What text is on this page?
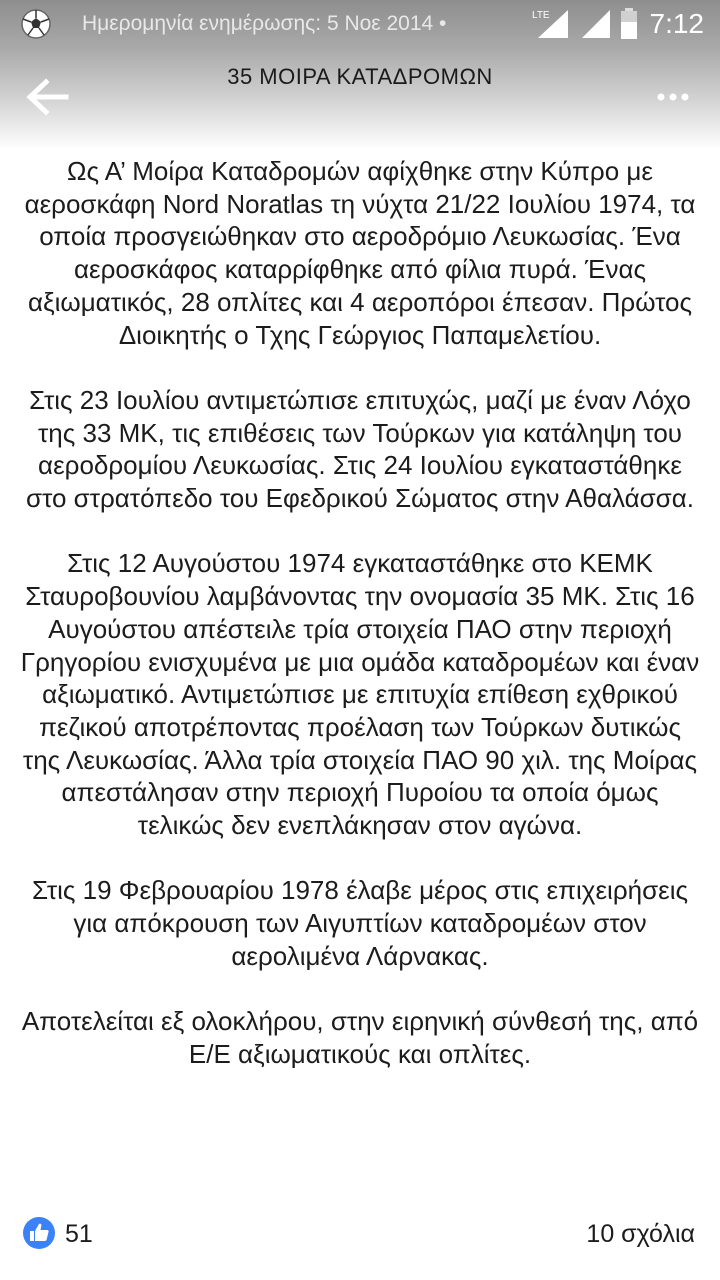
Ημερομηνία ενημέρωσης: 5 Νοε 2014 •	LTE	7:12
35 ΜΟΙΡΑ ΚΑΤΑΔΡΟΜΩΝ

Ως Α’ Μοίρα Καταδρομών αφίχθηκε στην Κύπρο με αεροσκάφη Nord Noratlas τη νύχτα 21/22 Ιουλίου 1974, τα οποία προσγειώθηκαν στο αεροδρόμιο Λευκωσίας. Ένα αεροσκάφος καταρρίφθηκε από φίλια πυρά. Ένας αξιωματικός, 28 οπλίτες και 4 αεροπόροι έπεσαν. Πρώτος Διοικητής ο Τχης Γεώργιος Παπαμελετίου.

Στις 23 Ιουλίου αντιμετώπισε επιτυχώς, μαζί με έναν Λόχο της 33 ΜΚ, τις επιθέσεις των Τούρκων για κατάληψη του αεροδρομίου Λευκωσίας. Στις 24 Ιουλίου εγκαταστάθηκε στο στρατόπεδο του Εφεδρικού Σώματος στην Αθαλάσσα.

Στις 12 Αυγούστου 1974 εγκαταστάθηκε στο ΚΕΜΚ Σταυροβουνίου λαμβάνοντας την ονομασία 35 ΜΚ. Στις 16 Αυγούστου απέστειλε τρία στοιχεία ΠΑΟ στην περιοχή Γρηγορίου ενισχυμένα με μια ομάδα καταδρομέων και έναν αξιωματικό. Αντιμετώπισε με επιτυχία επίθεση εχθρικού πεζικού αποτρέποντας προέλαση των Τούρκων δυτικώς της Λευκωσίας. Άλλα τρία στοιχεία ΠΑΟ 90 χιλ. της Μοίρας απεστάλησαν στην περιοχή Πυροίου τα οποία όμως τελικώς δεν ενεπλάκησαν στον αγώνα.

Στις 19 Φεβρουαρίου 1978 έλαβε μέρος στις επιχειρήσεις για απόκρουση των Αιγυπτίων καταδρομέων στον αερολιμένα Λάρνακας.

Αποτελείται εξ ολοκλήρου, στην ειρηνική σύνθεσή της, από Ε/Ε αξιωματικούς και οπλίτες.

51	10 σχόλια
